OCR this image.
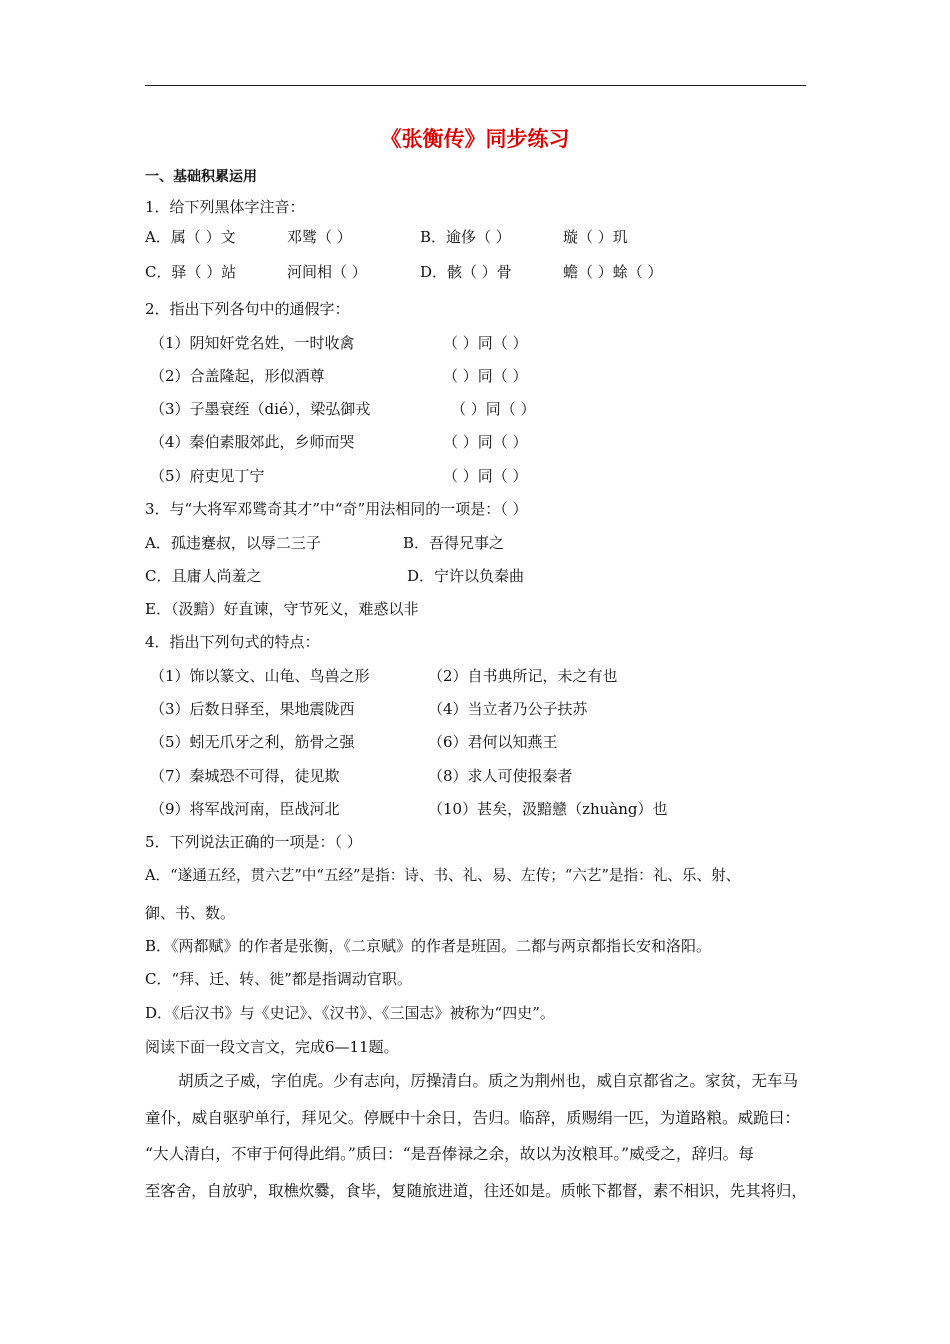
《张衡传》同步练习
一、基础积累运用
1．给下列黑体字注音：
A．属（ ）文	邓骘（ ）	B．逾侈（ ）	璇（ ）玑
C．驿（ ）站	河间相（ ）	D．骸（ ）骨	蟾（ ）蜍（ ）
2．指出下列各句中的通假字：
（1）阴知奸党名姓，一时收禽	（ ）同（ ）
（2）合盖隆起，形似酒尊	（ ）同（ ）
（3）子墨衰绖（dié），梁弘御戎	（ ）同（ ）
（4）秦伯素服郊此，乡师而哭	（ ）同（ ）
（5）府吏见丁宁	（ ）同（ ）
3．与“大将军邓骘奇其才”中“奇”用法相同的一项是：（ ）
A．孤违蹇叔，以辱二三子	B．吾得兄事之
C．且庸人尚羞之	D．宁许以负秦曲
E．（汲黯）好直谏，守节死义，难惑以非
4．指出下列句式的特点：
（1）饰以篆文、山龟、鸟兽之形	（2）自书典所记，未之有也
（3）后数日驿至，果地震陇西	（4）当立者乃公子扶苏
（5）蚓无爪牙之利，筋骨之强	（6）君何以知燕王
（7）秦城恐不可得，徒见欺	（8）求人可使报秦者
（9）将军战河南，臣战河北	（10）甚矣，汲黯戆（zhuàng）也
5．下列说法正确的一项是：（ ）
A．“遂通五经，贯六艺”中“五经”是指：诗、书、礼、易、左传；“六艺”是指：礼、乐、射、
御、书、数。
B．《两都赋》的作者是张衡，《二京赋》的作者是班固。二都与两京都指长安和洛阳。
C．“拜、迁、转、徙”都是指调动官职。
D．《后汉书》与《史记》、《汉书》、《三国志》被称为“四史”。
阅读下面一段文言文，完成6—11题。
胡质之子威，字伯虎。少有志向，厉操清白。质之为荆州也，威自京都省之。家贫，无车马
童仆，威自驱驴单行，拜见父。停厩中十余日，告归。临辞，质赐绢一匹，为道路粮。威跪曰：
“大人清白，不审于何得此绢。”质曰：“是吾俸禄之余，故以为汝粮耳。”威受之，辞归。每
至客舍，自放驴，取樵炊爨，食毕，复随旅进道，往还如是。质帐下都督，素不相识，先其将归，
